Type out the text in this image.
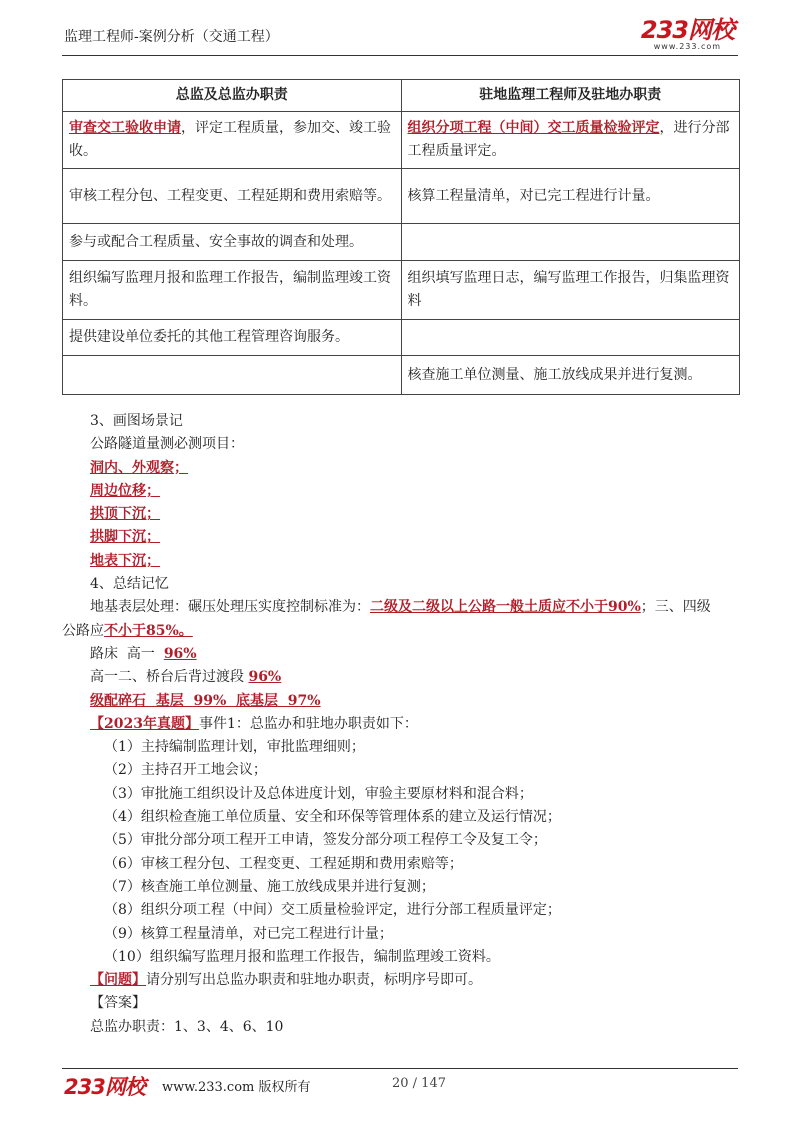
监理工程师-案例分析（交通工程）	233网校
www.233.com
总监及总监办职责	驻地监理工程师及驻地办职责
审查交工验收申请，评定工程质量，参加交、竣工验收。	组织分项工程（中间）交工质量检验评定，进行分部工程质量评定。
审核工程分包、工程变更、工程延期和费用索赔等。	核算工程量清单，对已完工程进行计量。
参与或配合工程质量、安全事故的调查和处理。	
组织编写监理月报和监理工作报告，编制监理竣工资料。	组织填写监理日志，编写监理工作报告，归集监理资料
提供建设单位委托的其他工程管理咨询服务。	
	核查施工单位测量、施工放线成果并进行复测。
3、画图场景记
公路隧道量测必测项目：
洞内、外观察；
周边位移；
拱顶下沉；
拱脚下沉；
地表下沉；
4、总结记忆
地基表层处理：碾压处理压实度控制标准为：二级及二级以上公路一般土质应不小于90%；三、四级
公路应不小于85%。
路床  高一  96%
高一二、桥台后背过渡段 96%
级配碎石  基层  99%  底基层  97%
【2023年真题】事件1：总监办和驻地办职责如下：
（1）主持编制监理计划，审批监理细则；
（2）主持召开工地会议；
（3）审批施工组织设计及总体进度计划，审验主要原材料和混合料；
（4）组织检查施工单位质量、安全和环保等管理体系的建立及运行情况；
（5）审批分部分项工程开工申请，签发分部分项工程停工令及复工令；
（6）审核工程分包、工程变更、工程延期和费用索赔等；
（7）核查施工单位测量、施工放线成果并进行复测；
（8）组织分项工程（中间）交工质量检验评定，进行分部工程质量评定；
（9）核算工程量清单，对已完工程进行计量；
（10）组织编写监理月报和监理工作报告，编制监理竣工资料。
【问题】请分别写出总监办职责和驻地办职责，标明序号即可。
【答案】
总监办职责：1、3、4、6、10
233网校 www.233.com 版权所有	20 / 147
